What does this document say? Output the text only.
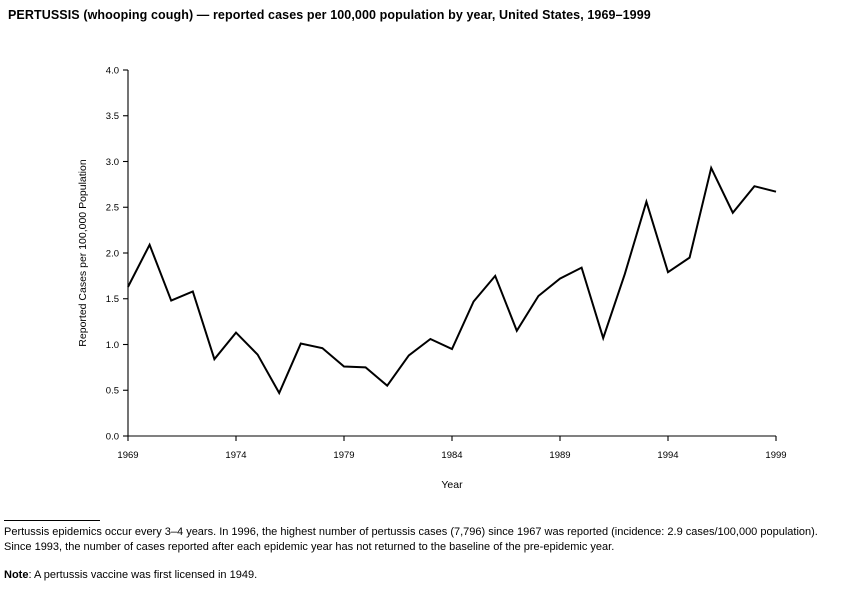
PERTUSSIS (whooping cough) — reported cases per 100,000 population by year, United States, 1969–1999
0.0
0.5
1.0
1.5
2.0
2.5
3.0
3.5
4.0
1969	1974	1979	1984	1989	1994	1999
Year
Reported Cases per 100,000 Population

Pertussis epidemics occur every 3–4 years. In 1996, the highest number of pertussis cases (7,796) since 1967 was reported (incidence: 2.9 cases/100,000 population).

Since 1993, the number of cases reported after each epidemic year has not returned to the baseline of the pre-epidemic year.

Note: A pertussis vaccine was first licensed in 1949.
